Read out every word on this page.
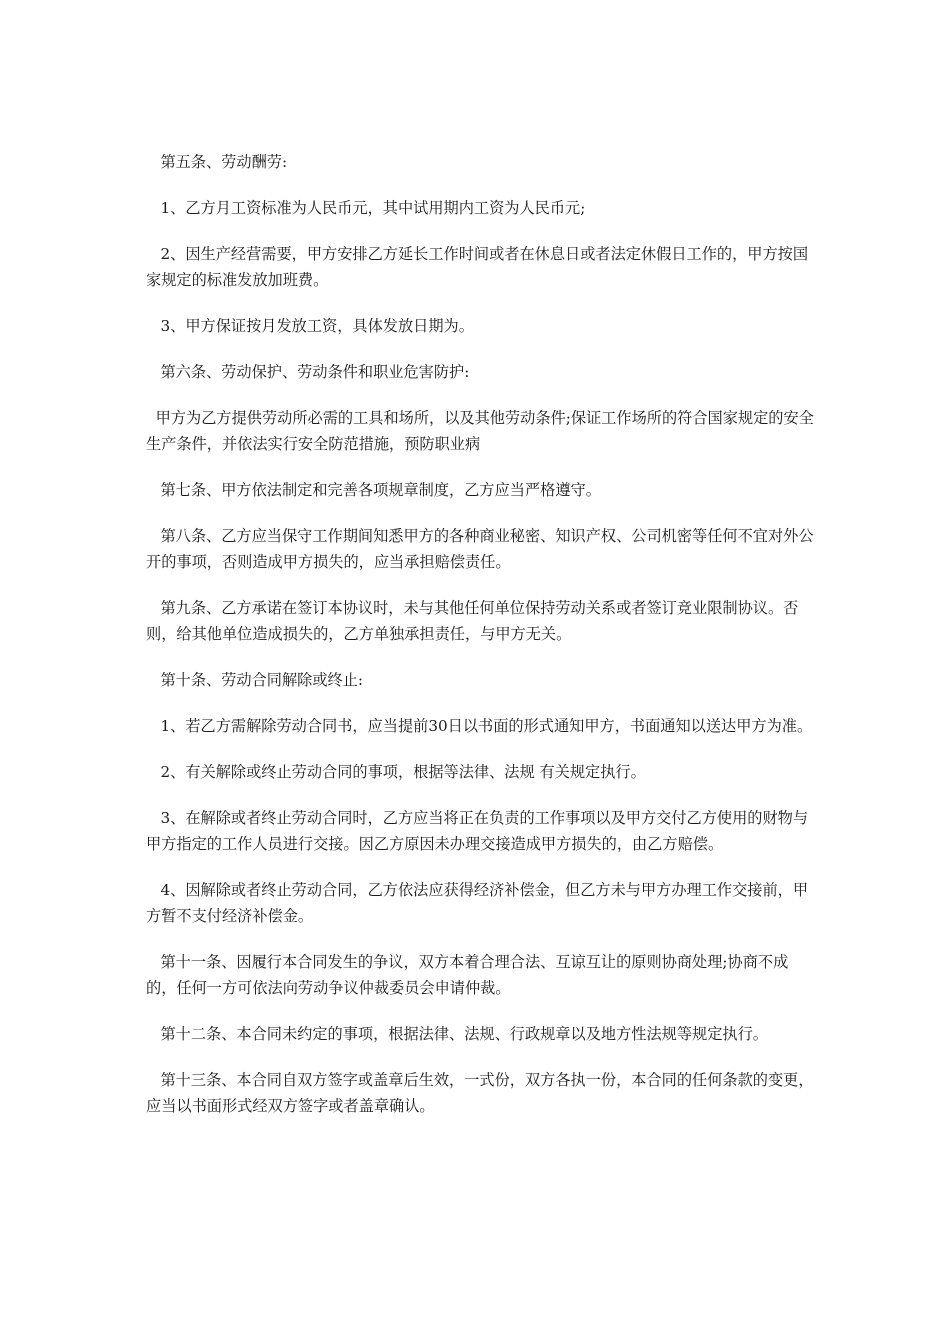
第五条、劳动酬劳:

1、乙方月工资标准为人民币元，其中试用期内工资为人民币元;

2、因生产经营需要，甲方安排乙方延长工作时间或者在休息日或者法定休假日工作的，甲方按国家规定的标准发放加班费。

3、甲方保证按月发放工资，具体发放日期为。

第六条、劳动保护、劳动条件和职业危害防护:

甲方为乙方提供劳动所必需的工具和场所，以及其他劳动条件;保证工作场所的符合国家规定的安全生产条件，并依法实行安全防范措施，预防职业病

第七条、甲方依法制定和完善各项规章制度，乙方应当严格遵守。

第八条、乙方应当保守工作期间知悉甲方的各种商业秘密、知识产权、公司机密等任何不宜对外公开的事项，否则造成甲方损失的，应当承担赔偿责任。

第九条、乙方承诺在签订本协议时，未与其他任何单位保持劳动关系或者签订竞业限制协议。否则，给其他单位造成损失的，乙方单独承担责任，与甲方无关。

第十条、劳动合同解除或终止:

1、若乙方需解除劳动合同书，应当提前30日以书面的形式通知甲方，书面通知以送达甲方为准。

2、有关解除或终止劳动合同的事项，根据等法律、法规 有关规定执行。

3、在解除或者终止劳动合同时，乙方应当将正在负责的工作事项以及甲方交付乙方使用的财物与甲方指定的工作人员进行交接。因乙方原因未办理交接造成甲方损失的，由乙方赔偿。

4、因解除或者终止劳动合同，乙方依法应获得经济补偿金，但乙方未与甲方办理工作交接前，甲方暂不支付经济补偿金。

第十一条、因履行本合同发生的争议，双方本着合理合法、互谅互让的原则协商处理;协商不成的，任何一方可依法向劳动争议仲裁委员会申请仲裁。

第十二条、本合同未约定的事项，根据法律、法规、行政规章以及地方性法规等规定执行。

第十三条、本合同自双方签字或盖章后生效，一式份，双方各执一份，本合同的任何条款的变更，应当以书面形式经双方签字或者盖章确认。
